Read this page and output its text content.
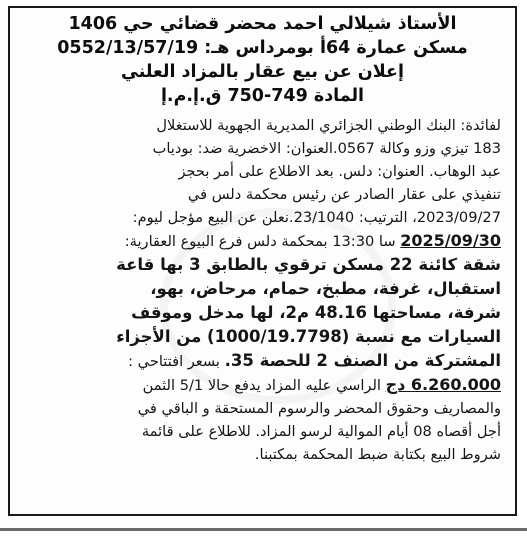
الأستاذ شيلالي احمد محضر قضائي حي 1406
مسكن عمارة 64أ بومرداس هـ: 0552/13/57/19
إعلان عن بيع عقار بالمزاد العلني
المادة 749-750 ق.إ.م.إ
لفائدة: البنك الوطني الجزائري المديرية الجهوية للاستغلال
183 تيزي وزو وكالة 0567.العنوان: الاخضرية ضد: بودياب
عبد الوهاب. العنوان: دلس. بعد الاطلاع على أمر بحجز
تنفيذي على عقار الصادر عن رئيس محكمة دلس في
2023/09/27، الترتيب: 23/1040.نعلن عن البيع مؤجل ليوم:
2025/09/30 سا 13:30 بمحكمة دلس فرع البيوع العقارية:
شقة كائنة 22 مسكن ترقوي بالطابق 3 بها قاعة
استقبال، غرفة، مطبخ، حمام، مرحاض، بهو،
شرفة، مساحتها 48.16 م2، لها مدخل وموقف
السيارات مع نسبة (1000/19.7798) من الأجزاء
المشتركة من الصنف 2 للحصة 35. بسعر افتتاحي :
6.260.000 دج الراسي عليه المزاد يدفع حالا 5/1 الثمن
والمصاريف وحقوق المحضر والرسوم المستحقة و الباقي في
أجل أقصاه 08 أيام الموالية لرسو المزاد. للاطلاع على قائمة
شروط البيع بكتابة ضبط المحكمة بمكتبنا.
